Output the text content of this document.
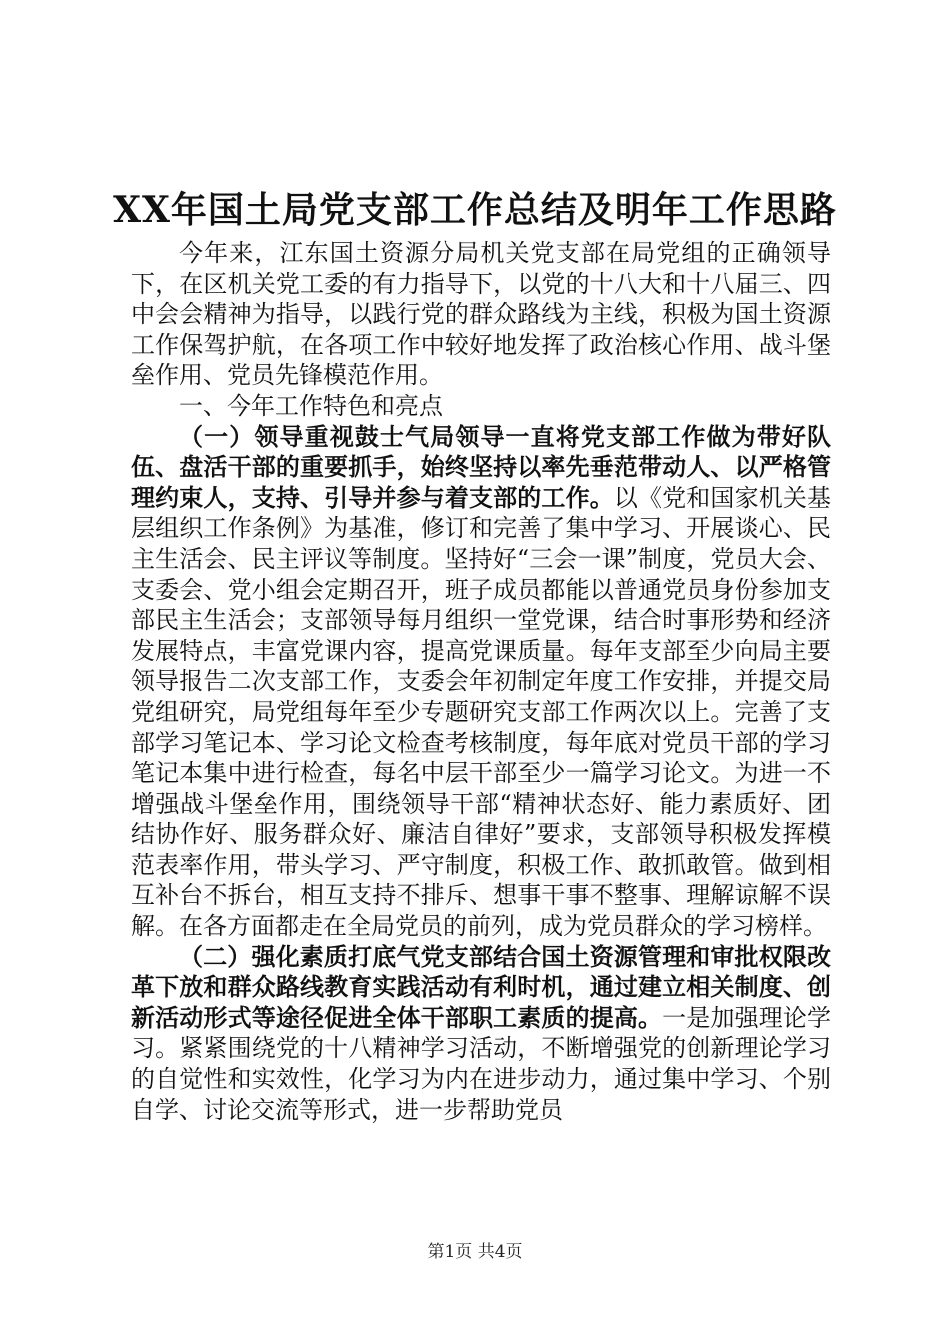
XX年国土局党支部工作总结及明年工作思路

今年来，江东国土资源分局机关党支部在局党组的正确领导下，在区机关党工委的有力指导下，以党的十八大和十八届三、四中会会精神为指导，以践行党的群众路线为主线，积极为国土资源工作保驾护航，在各项工作中较好地发挥了政治核心作用、战斗堡垒作用、党员先锋模范作用。

一、今年工作特色和亮点

（一）领导重视鼓士气局领导一直将党支部工作做为带好队伍、盘活干部的重要抓手，始终坚持以率先垂范带动人、以严格管理约束人，支持、引导并参与着支部的工作。以《党和国家机关基层组织工作条例》为基准，修订和完善了集中学习、开展谈心、民主生活会、民主评议等制度。坚持好“三会一课”制度，党员大会、支委会、党小组会定期召开，班子成员都能以普通党员身份参加支部民主生活会；支部领导每月组织一堂党课，结合时事形势和经济发展特点，丰富党课内容，提高党课质量。每年支部至少向局主要领导报告二次支部工作，支委会年初制定年度工作安排，并提交局党组研究，局党组每年至少专题研究支部工作两次以上。完善了支部学习笔记本、学习论文检查考核制度，每年底对党员干部的学习笔记本集中进行检查，每名中层干部至少一篇学习论文。为进一不增强战斗堡垒作用，围绕领导干部“精神状态好、能力素质好、团结协作好、服务群众好、廉洁自律好”要求，支部领导积极发挥模范表率作用，带头学习、严守制度，积极工作、敢抓敢管。做到相互补台不拆台，相互支持不排斥、想事干事不整事、理解谅解不误解。在各方面都走在全局党员的前列，成为党员群众的学习榜样。

（二）强化素质打底气党支部结合国土资源管理和审批权限改革下放和群众路线教育实践活动有利时机，通过建立相关制度、创新活动形式等途径促进全体干部职工素质的提高。一是加强理论学习。紧紧围绕党的十八精神学习活动，不断增强党的创新理论学习的自觉性和实效性，化学习为内在进步动力，通过集中学习、个别自学、讨论交流等形式，进一步帮助党员

第1页 共4页
